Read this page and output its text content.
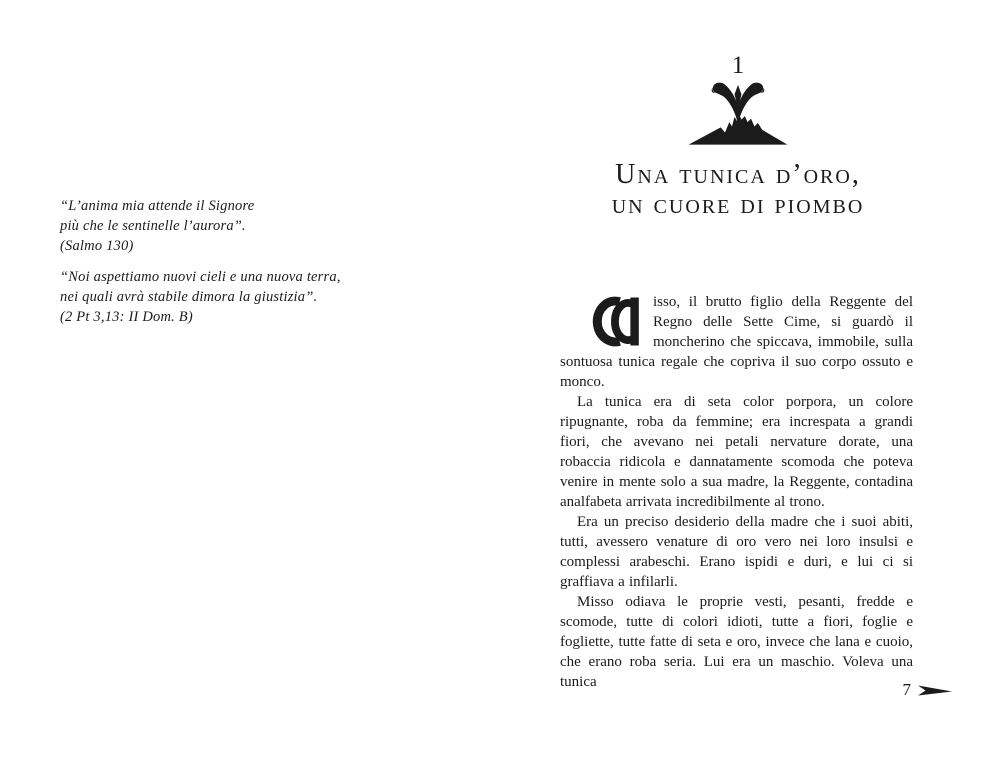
“L’anima mia attende il Signore
più che le sentinelle l’aurora”.
(Salmo 130)
“Noi aspettiamo nuovi cieli e una nuova terra,
nei quali avrà stabile dimora la giustizia”.
(2 Pt 3,13: II Dom. B)
1
Una tunica d’oro,
un cuore di piombo

isso, il brutto figlio della Reggente del Regno delle Sette Cime, si guardò il moncherino che spiccava, immobile, sulla sontuosa tunica regale che copriva il suo corpo ossuto e monco.

La tunica era di seta color porpora, un colore ripugnante, roba da femmine; era increspata a grandi fiori, che avevano nei petali nervature dorate, una robaccia ridicola e dannatamente scomoda che poteva venire in mente solo a sua madre, la Reggente, contadina analfabeta arrivata incredibilmente al trono.

Era un preciso desiderio della madre che i suoi abiti, tutti, avessero venature di oro vero nei loro insulsi e complessi arabeschi. Erano ispidi e duri, e lui ci si graffiava a infilarli.

Misso odiava le proprie vesti, pesanti, fredde e scomode, tutte di colori idioti, tutte a fiori, foglie e fogliette, tutte fatte di seta e oro, invece che lana e cuoio, che erano roba seria. Lui era un maschio. Voleva una tunica	7
